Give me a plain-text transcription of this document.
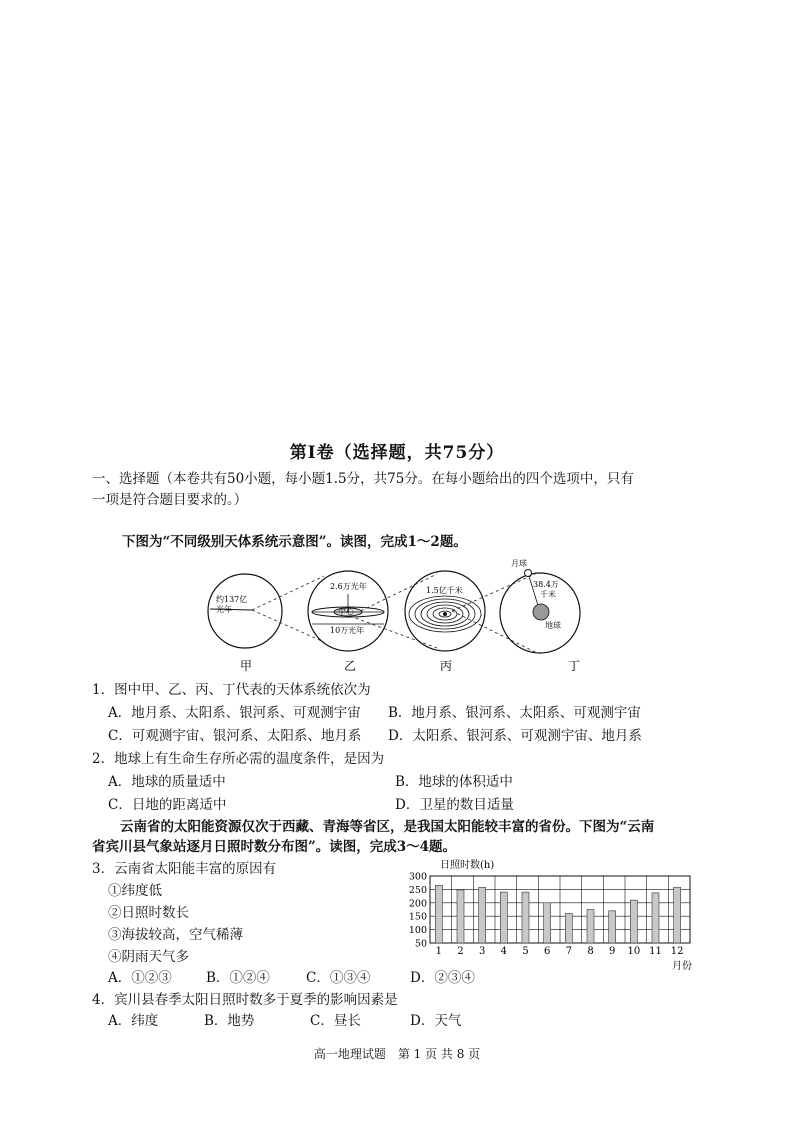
第Ⅰ卷（选择题，共75分）
一、选择题（本卷共有50小题，每小题1.5分，共75分。在每小题给出的四个选项中，只有
一项是符合题目要求的。）
下图为“不同级别天体系统示意图”。读图，完成1～2题。
约137亿
光年
甲
2.6万光年
中心
10万光年
乙
1.5亿千米
丙
月球
38.4万
千米
地球
丁
1．图中甲、乙、丙、丁代表的天体系统依次为
A．地月系、太阳系、银河系、可观测宇宙 B．地月系、银河系、太阳系、可观测宇宙
C．可观测宇宙、银河系、太阳系、地月系 D．太阳系、银河系、可观测宇宙、地月系
2．地球上有生命生存所必需的温度条件，是因为
A．地球的质量适中	B．地球的体积适中
C．日地的距离适中	D．卫星的数目适量
云南省的太阳能资源仅次于西藏、青海等省区，是我国太阳能较丰富的省份。下图为“云南
省宾川县气象站逐月日照时数分布图”。读图，完成3～4题。
3．云南省太阳能丰富的原因有
①纬度低
②日照时数长
③海拔较高，空气稀薄
④阴雨天气多
A．①②③	B．①②④	C．①③④	D．②③④
日照时数(h)
50
100
150
200
250
300
1 2 3 4 5 6 7 8 9 10 11 12
月份
4．宾川县春季太阳日照时数多于夏季的影响因素是
A．纬度	B．地势	C．昼长	D．天气
高一地理试题　第 1 页 共 8 页
